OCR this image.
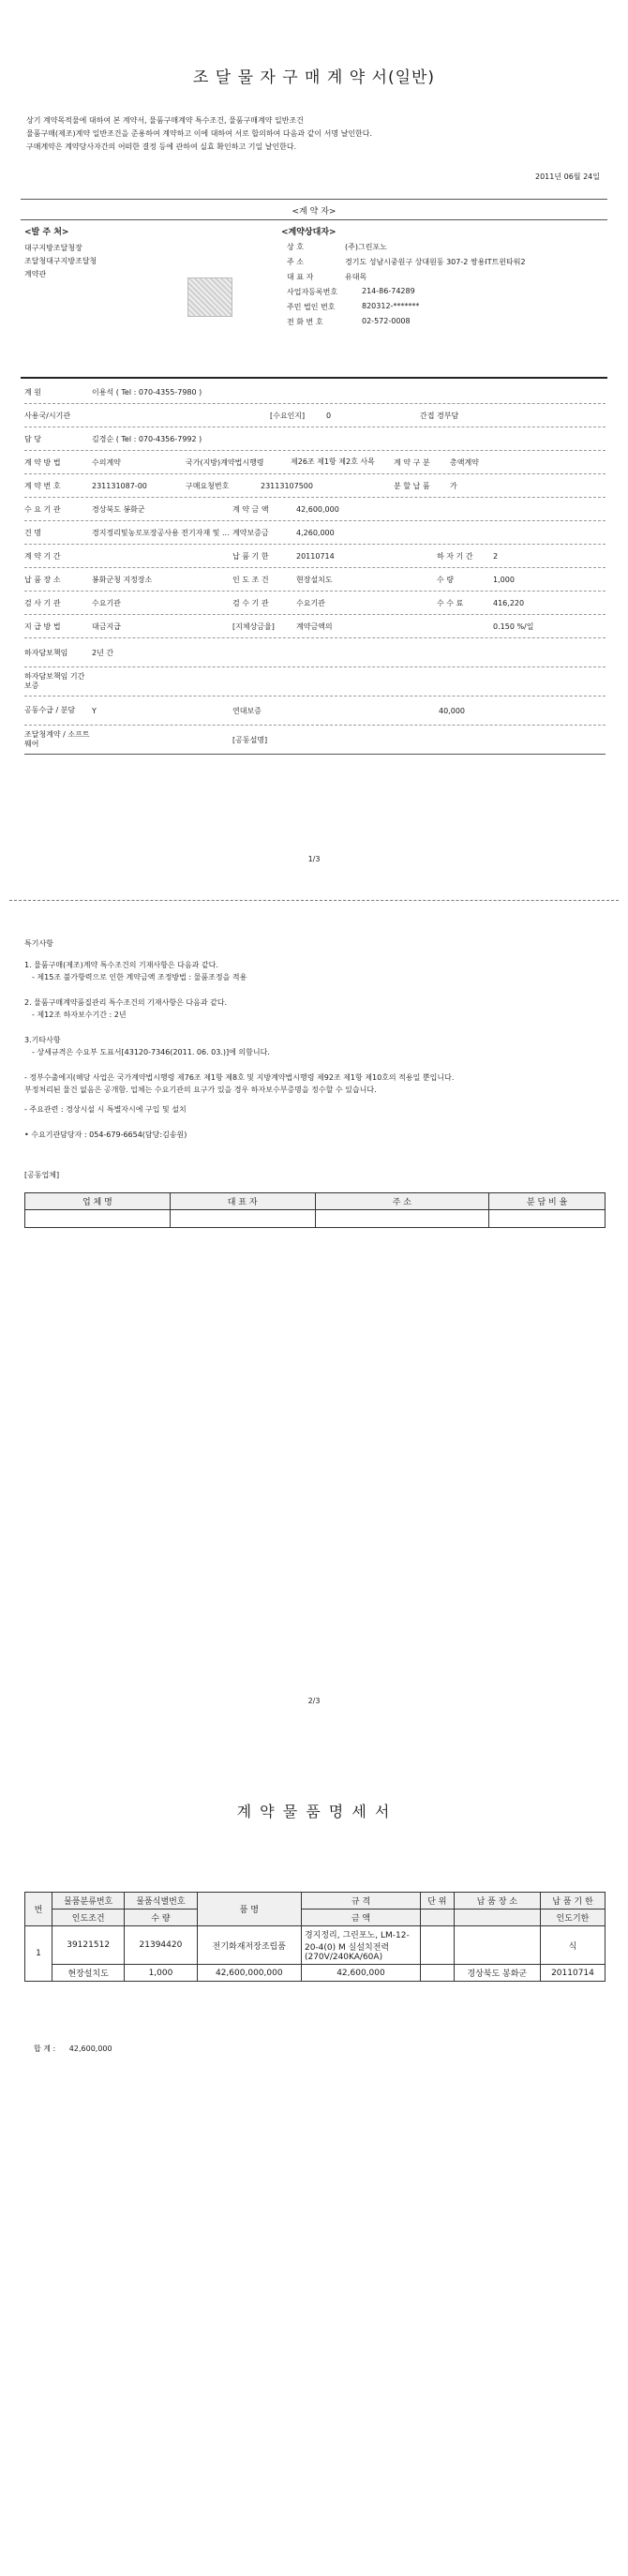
조 달 물 자 구 매 계 약 서(일반)
상기 계약목적물에 대하여 본 계약서, 물품구매계약 특수조건, 물품구매계약 일반조건
물품구매(제조)계약 일반조건을 준용하여 계약하고 이에 대하여 서로 합의하여 다음과 같이 서명 날인한다.
구매계약은 계약당사자간의 어떠한 결정 등에 관하여 실효 확인하고 기일 날인한다.
2011년 06월 24일
<계 약 자>
<발 주 처>
대구지방조달청장
조달청대구지방조달청
계약관
<계약상대자>
상 호	(주)그린포노
주 소	경기도 성남시중원구 상대원동 307-2 쌍용IT트윈타워2
대 표 자	유대목
사업자등록번호	214-86-74289
주민 법인 번호	820312-*******
전 화 번 호	02-572-0008
계 원	이용석 ( Tel : 070-4355-7980 )
사용국/시기관	[수요인지]	0	간접 경부담
담 당	김경순 ( Tel : 070-4356-7992 )
계 약 방 법	수의계약	국가(지방)계약법시행령	제26조 제1항 제2호 사목	계 약 구 분	총액계약
계 약 번 호	231131087-00	구매요청번호	23113107500	분 할 납 품	가
수 요 기 관	경상북도 봉화군	계 약 금 액	42,600,000
건 명	경지정리및농로포장공사용 전기자재 및 ... 계약보증금	4,260,000
계 약 기 간	납 품 기 한	20110714	하 자 기 간	2
납 품 장 소	봉화군청 지정장소	인 도 조 건	현장설치도	수 량	1,000
검 사 기 관	수요기관	검 수 기 관	수요기관	수 수 료	416,220
지 급 방 법	대금지급	[지체상금율]	계약금액의	0.150 %/일
하자담보책임	2년 간
하자담보책임 기간보증
공동수급 / 분담	Y	연대보증	40,000
조달청계약 / 소프트웨어	[공동설명]
1/3
특기사항
1. 물품구매(제조)계약 특수조건의 기재사항은 다음과 같다.
- 제15조 불가항력으로 인한 계약금액 조정방법 : 물품조정을 적용
2. 물품구매계약품질관리 특수조건의 기재사항은 다음과 같다.
- 제12조 하자보수기간 : 2년
3.기타사항
- 상세규격은 수요부 도표서[43120-7346(2011. 06. 03.)]에 의함니다.
- 정부수출에지(해당 사업은 국가계약법시행령 제76조 제1항 제8호 및 지방계약법시행령 제92조 제1항 제10호의 적용일 뿐입니다.
부정처리된 물건 없음은 공개함. 업체는 수요기관의 요구가 있을 경우 하자보수부증명을 정수할 수 있습니다.
- 주요관련 : 경상시설 시 특별자시에 구입 및 설치
• 수요기관담당자 : 054-679-6654(담당:김송원)
[공동업체]
업 체 명	대 표 자	주 소	분 담 비 율

2/3
계 약 물 품 명 세 서
번	물품분류번호	물품식별번호	품 명	규 격	단 위	납 품 장 소	납 품 기 한
	인도조건	수 량		금 액			인도기한
1	39121512	21394420	전기화재저장조립품	경지정리, 그린포노, LM-12-20-4(0) M 실설치전력(270V/240KA/60A)			식
	현장설치도	1,000	42,600,000,000	42,600,000		경상북도 봉화군	20110714
합 계 : 42,600,000
